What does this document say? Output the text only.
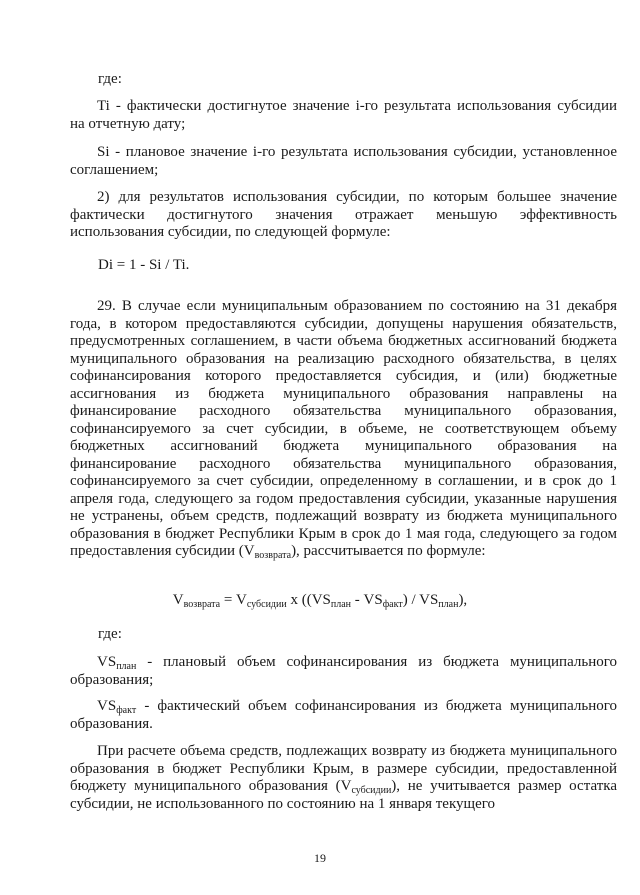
где:

Ti - фактически достигнутое значение i-го результата использования субсидии на отчетную дату;

Si - плановое значение i-го результата использования субсидии, установленное соглашением;

2) для результатов использования субсидии, по которым большее значение фактически достигнутого значения отражает меньшую эффективность использования субсидии, по следующей формуле:

Di = 1 - Si / Ti.

29. В случае если муниципальным образованием по состоянию на 31 декабря года, в котором предоставляются субсидии, допущены нарушения обязательств, предусмотренных соглашением, в части объема бюджетных ассигнований бюджета муниципального образования на реализацию расходного обязательства, в целях софинансирования которого предоставляется субсидия, и (или) бюджетные ассигнования из бюджета муниципального образования направлены на финансирование расходного обязательства муниципального образования, софинансируемого за счет субсидии, в объеме, не соответствующем объему бюджетных ассигнований бюджета муниципального образования на финансирование расходного обязательства муниципального образования, софинансируемого за счет субсидии, определенному в соглашении, и в срок до 1 апреля года, следующего за годом предоставления субсидии, указанные нарушения не устранены, объем средств, подлежащий возврату из бюджета муниципального образования в бюджет Республики Крым в срок до 1 мая года, следующего за годом предоставления субсидии $(V_{возврата})$, рассчитывается по формуле:

$V_{возврата} = V_{субсидии}$ x $((VS_{план} - VS_{факт}) / VS_{план})$,

где:

$VS_{план}$ - плановый объем софинансирования из бюджета муниципального образования;

$VS_{факт}$ - фактический объем софинансирования из бюджета муниципального образования.

При расчете объема средств, подлежащих возврату из бюджета муниципального образования в бюджет Республики Крым, в размере субсидии, предоставленной бюджету муниципального образования $(V_{субсидии})$, не учитывается размер остатка субсидии, не использованного по состоянию на 1 января текущего

19
